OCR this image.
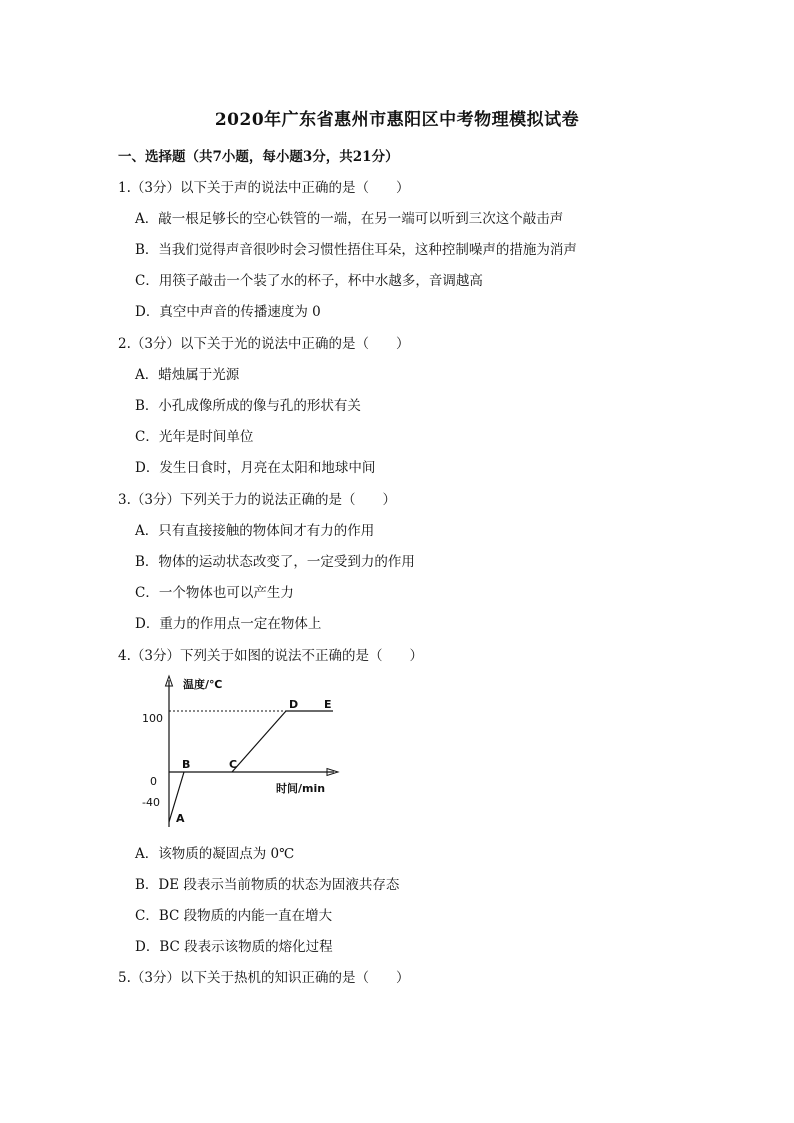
2020年广东省惠州市惠阳区中考物理模拟试卷
一、选择题（共7小题，每小题3分，共21分）
1.（3分）以下关于声的说法中正确的是（　　）
A．敲一根足够长的空心铁管的一端，在另一端可以听到三次这个敲击声
B．当我们觉得声音很吵时会习惯性捂住耳朵，这种控制噪声的措施为消声
C．用筷子敲击一个装了水的杯子，杯中水越多，音调越高
D．真空中声音的传播速度为 0
2.（3分）以下关于光的说法中正确的是（　　）
A．蜡烛属于光源
B．小孔成像所成的像与孔的形状有关
C．光年是时间单位
D．发生日食时，月亮在太阳和地球中间
3.（3分）下列关于力的说法正确的是（　　）
A．只有直接接触的物体间才有力的作用
B．物体的运动状态改变了，一定受到力的作用
C．一个物体也可以产生力
D．重力的作用点一定在物体上
4.（3分）下列关于如图的说法不正确的是（　　）
温度/℃
时间/min
100
0
-40
A
B	C
D E
A．该物质的凝固点为 0℃
B．DE 段表示当前物质的状态为固液共存态
C．BC 段物质的内能一直在增大
D．BC 段表示该物质的熔化过程
5.（3分）以下关于热机的知识正确的是（　　）
